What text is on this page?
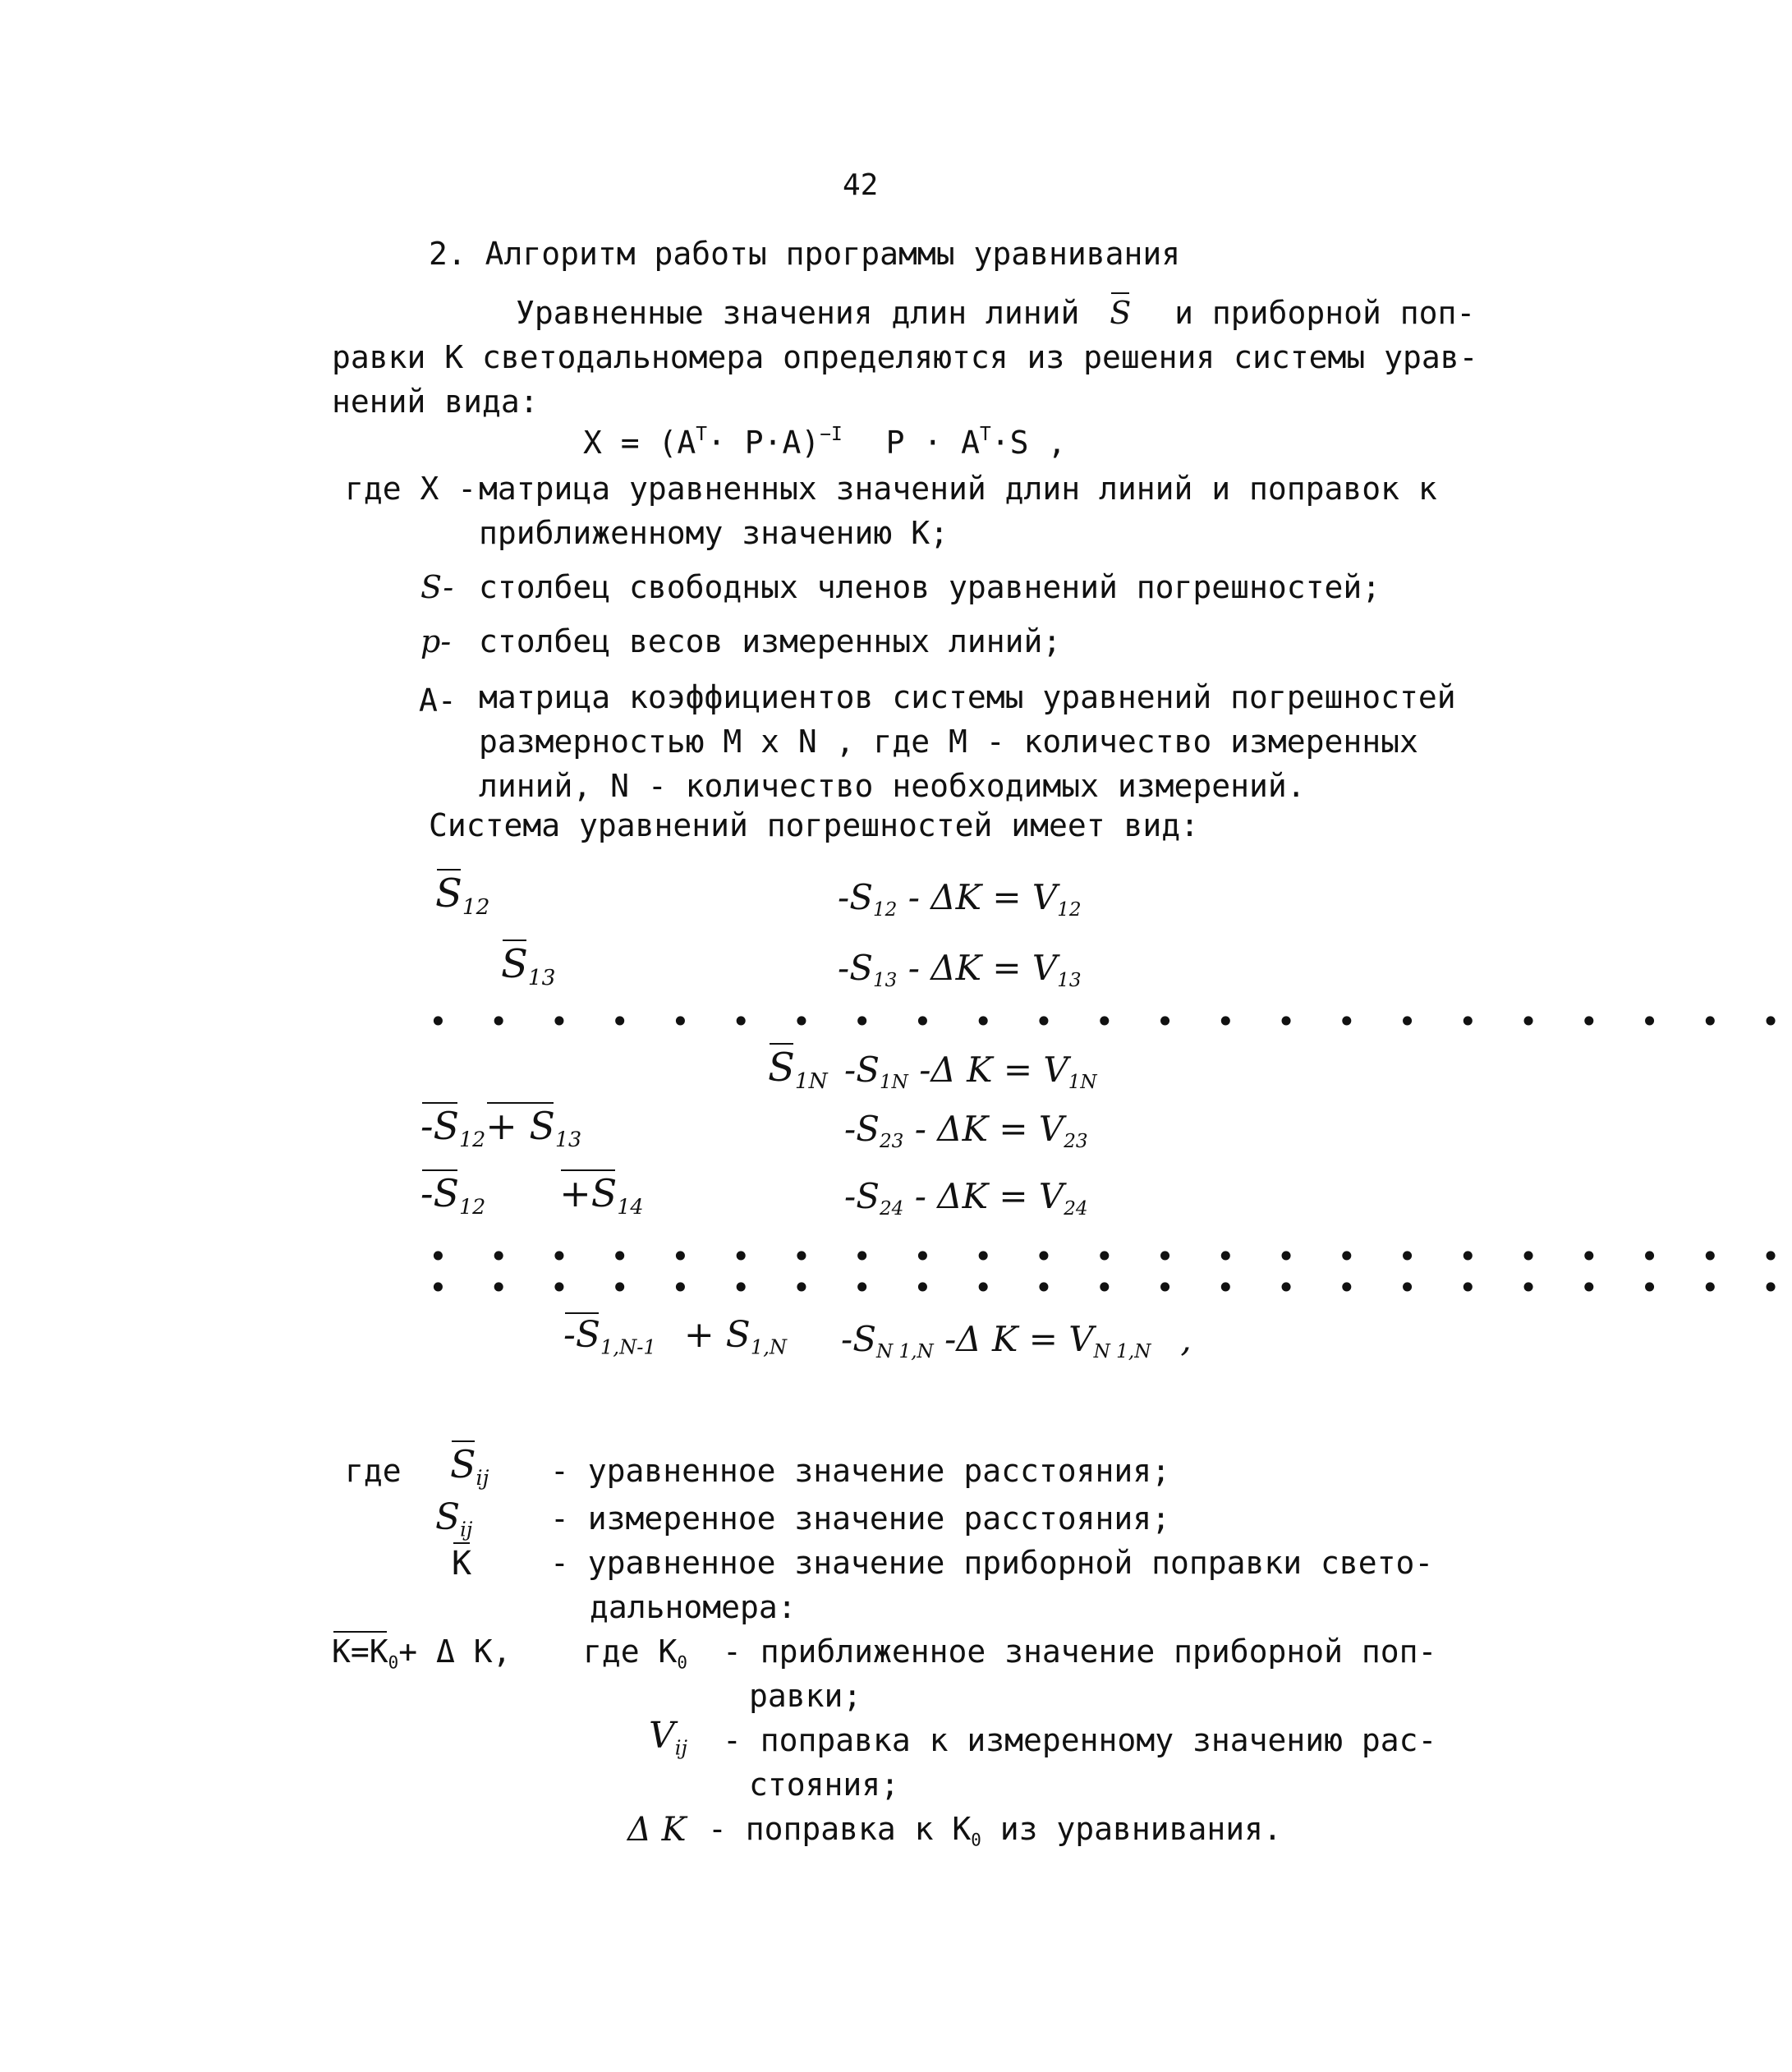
42
2. Алгоритм работы программы уравнивания
Уравненные значения длин линий S и приборной поп-
равки К светодальномера определяются из решения системы урав-
нений вида:
$X = (A^T\cdot P\cdot A)^{-I}$ $P \cdot A^T\cdot S$ ,
где X - матрица уравненных значений длин линий и поправок к
приближенному значению К;
S- столбец свободных членов уравнений погрешностей;
p- столбец весов измеренных линий;
A- матрица коэффициентов системы уравнений погрешностей
размерностью M x N , где М - количество измеренных
линий, N - количество необходимых измерений.
Система уравнений погрешностей имеет вид:
$S_{12}$	$-S_{12} - \Delta K = V_{12}$
$S_{13}$	$-S_{13} - \Delta K = V_{13}$
• • • • • • • • • • • • • • • • • • • • • • •
$S_{1N}$ $-S_{1N}$ -Δ $K = V_{1N}$
$-S_{12}+ S_{13}$	$-S_{23} - \Delta K = V_{23}$
$-S_{12} +S_{14}$	$-S_{24} - \Delta K = V_{24}$
• • • • • • • • • • • • • • • • • • • • • • •
• • • • • • • • • • • • • • • • • • • • • • •
$-S_{1,N-1} + S_{1,N}$ $-S_{N 1,N}$ -Δ $K = V_{N 1,N}$ ,
где $S_{ij}$ - уравненное значение расстояния;
$S_{ij}$ - измеренное значение расстояния;
K	- уравненное значение приборной поправки свето-
дальномера:
$K=K_0+ \Delta$ K, где $K_0$ - приближенное значение приборной поп-
равки;
$V_{ij}$ - поправка к измеренному значению рас-
стояния;
Δ K - поправка к $K_0$ из уравнивания.
